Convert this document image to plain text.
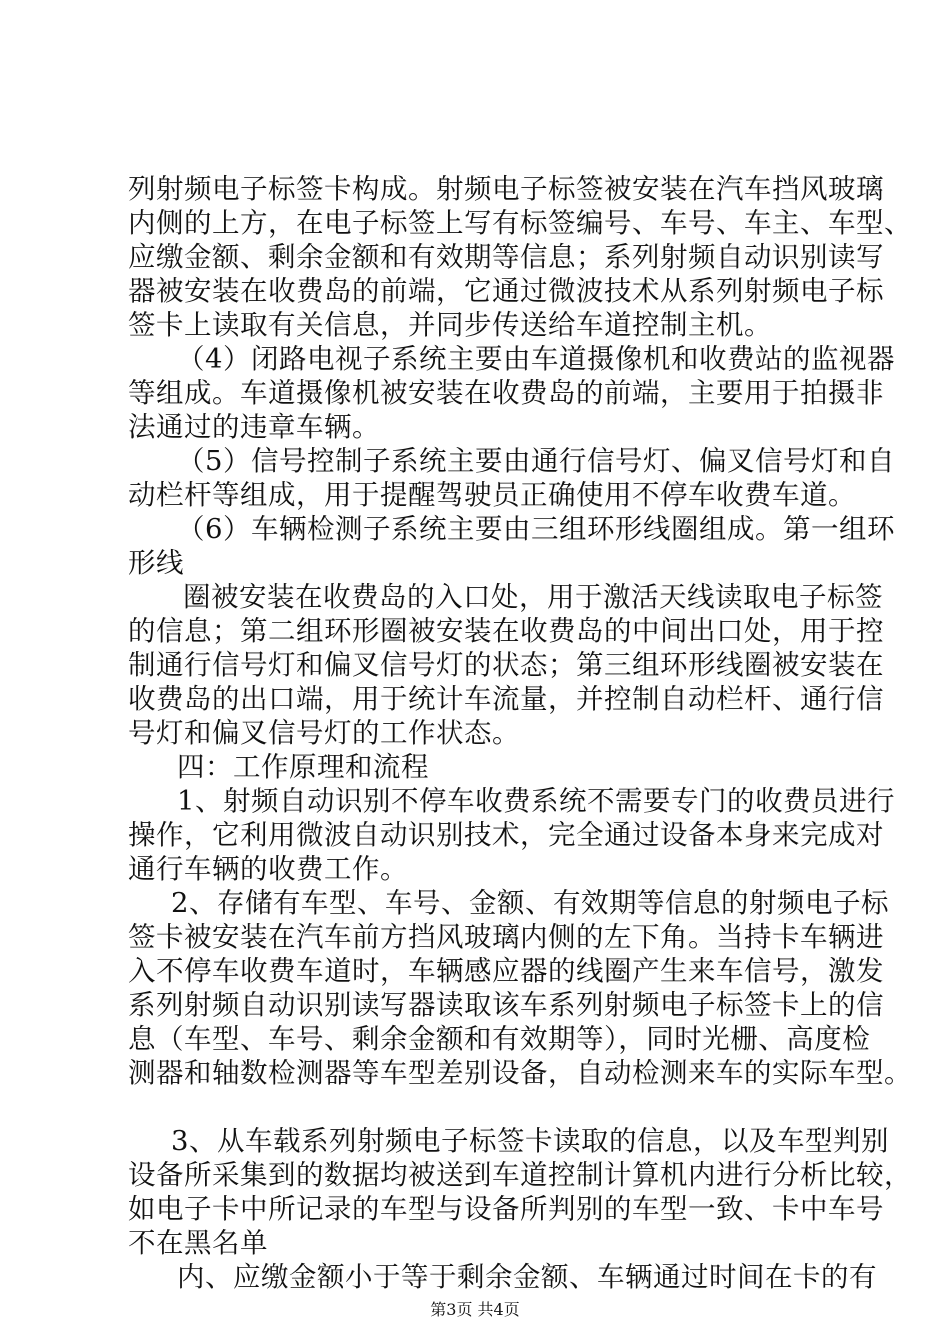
列射频电子标签卡构成。射频电子标签被安装在汽车挡风玻璃
内侧的上方，在电子标签上写有标签编号、车号、车主、车型、
应缴金额、剩余金额和有效期等信息；系列射频自动识别读写
器被安装在收费岛的前端，它通过微波技术从系列射频电子标
签卡上读取有关信息，并同步传送给车道控制主机。
（4）闭路电视子系统主要由车道摄像机和收费站的监视器
等组成。车道摄像机被安装在收费岛的前端，主要用于拍摄非
法通过的违章车辆。
（5）信号控制子系统主要由通行信号灯、偏叉信号灯和自
动栏杆等组成，用于提醒驾驶员正确使用不停车收费车道。
（6）车辆检测子系统主要由三组环形线圈组成。第一组环
形线
圈被安装在收费岛的入口处，用于激活天线读取电子标签
的信息；第二组环形圈被安装在收费岛的中间出口处，用于控
制通行信号灯和偏叉信号灯的状态；第三组环形线圈被安装在
收费岛的出口端，用于统计车流量，并控制自动栏杆、通行信
号灯和偏叉信号灯的工作状态。
四：工作原理和流程
1、射频自动识别不停车收费系统不需要专门的收费员进行
操作，它利用微波自动识别技术，完全通过设备本身来完成对
通行车辆的收费工作。
2、存储有车型、车号、金额、有效期等信息的射频电子标
签卡被安装在汽车前方挡风玻璃内侧的左下角。当持卡车辆进
入不停车收费车道时，车辆感应器的线圈产生来车信号，激发
系列射频自动识别读写器读取该车系列射频电子标签卡上的信
息（车型、车号、剩余金额和有效期等），同时光栅、高度检
测器和轴数检测器等车型差别设备，自动检测来车的实际车型。
3、从车载系列射频电子标签卡读取的信息，以及车型判别
设备所采集到的数据均被送到车道控制计算机内进行分析比较，
如电子卡中所记录的车型与设备所判别的车型一致、卡中车号
不在黑名单
内、应缴金额小于等于剩余金额、车辆通过时间在卡的有
第3页 共4页
